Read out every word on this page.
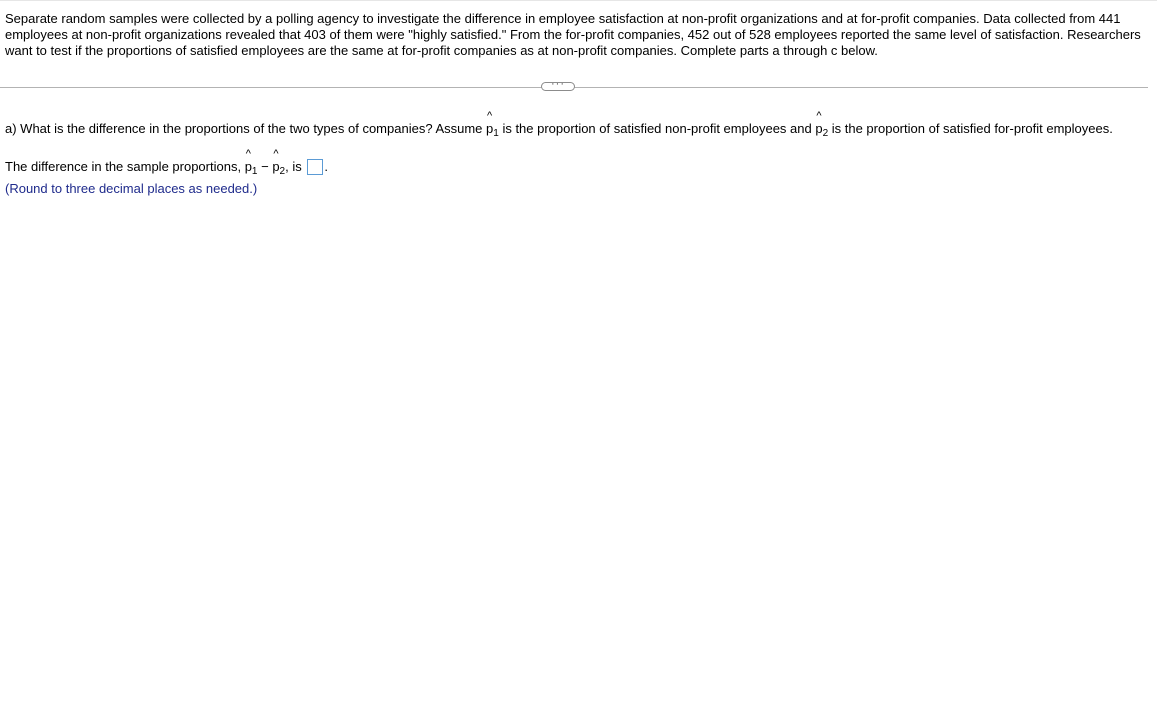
Separate random samples were collected by a polling agency to investigate the difference in employee satisfaction at non-profit organizations and at for-profit companies. Data collected from 441 employees at non-profit organizations revealed that 403 of them were "highly satisfied." From the for-profit companies, 452 out of 528 employees reported the same level of satisfaction. Researchers want to test if the proportions of satisfied employees are the same at for-profit companies as at non-profit companies. Complete parts a through c below.

···
a) What is the difference in the proportions of the two types of companies? Assume
^
$p_1$ is the proportion of satisfied non-profit employees and
^
$p_2$ is the proportion of satisfied for-profit employees.
The difference in the sample proportions,
^
$p_1$ −
^
$p_2$, is .
(Round to three decimal places as needed.)
